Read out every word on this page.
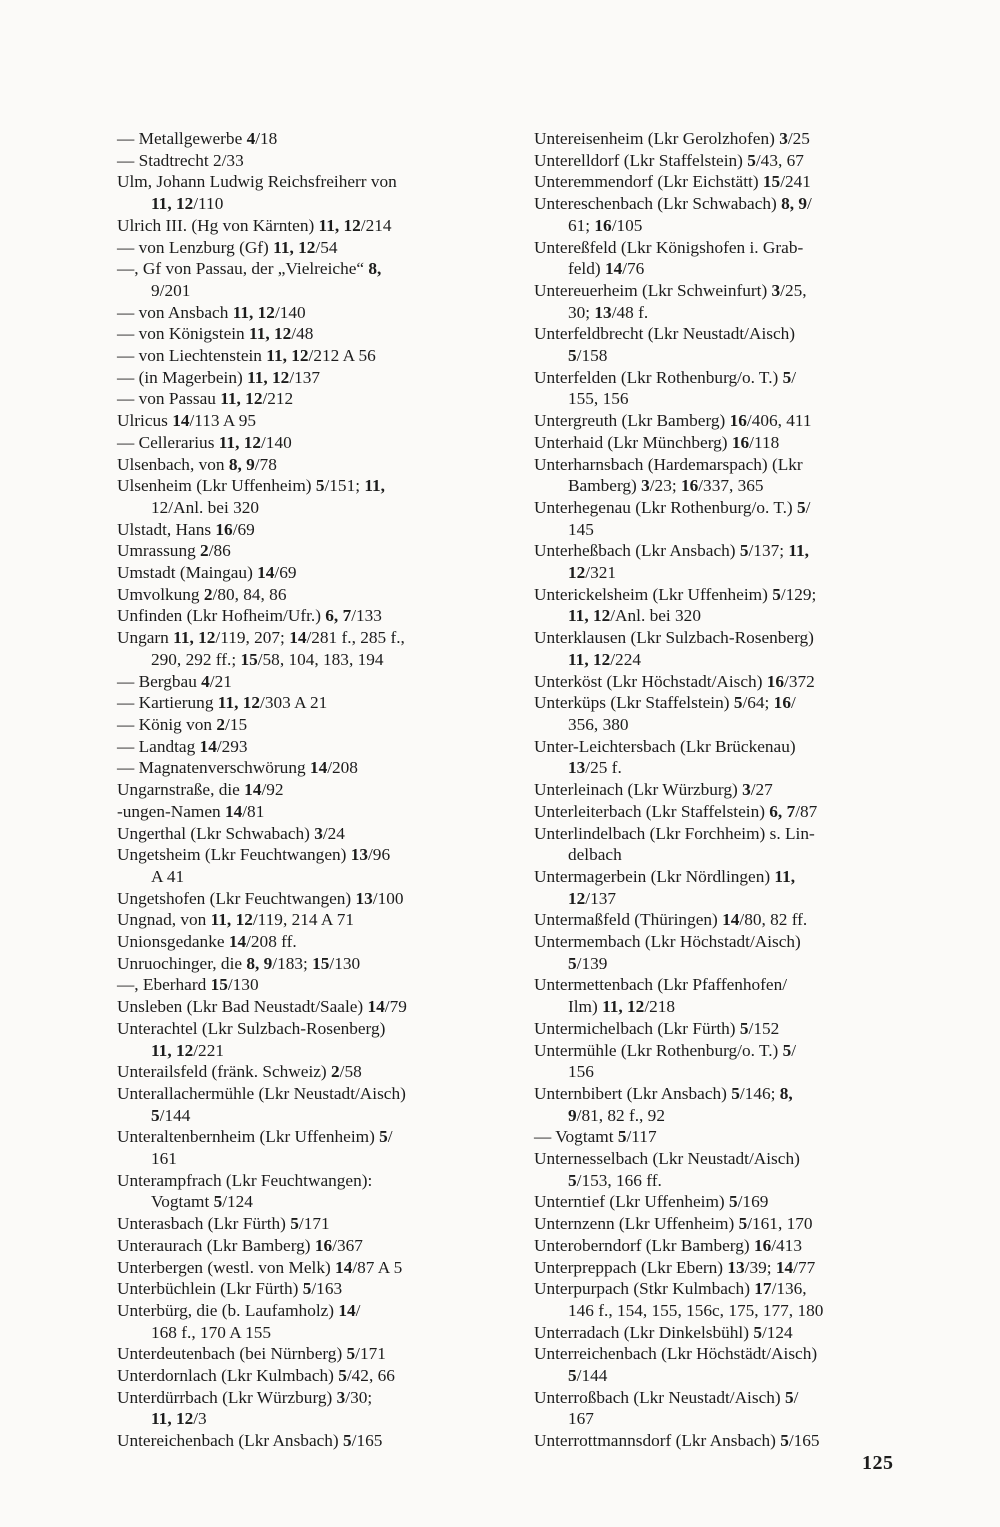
— Metallgewerbe 4/18
— Stadtrecht 2/33
Ulm, Johann Ludwig Reichsfreiherr von
11, 12/110
Ulrich III. (Hg von Kärnten) 11, 12/214
— von Lenzburg (Gf) 11, 12/54
—, Gf von Passau, der „Vielreiche“ 8,
9/201
— von Ansbach 11, 12/140
— von Königstein 11, 12/48
— von Liechtenstein 11, 12/212 A 56
— (in Magerbein) 11, 12/137
— von Passau 11, 12/212
Ulricus 14/113 A 95
— Cellerarius 11, 12/140
Ulsenbach, von 8, 9/78
Ulsenheim (Lkr Uffenheim) 5/151; 11,
12/Anl. bei 320
Ulstadt, Hans 16/69
Umrassung 2/86
Umstadt (Maingau) 14/69
Umvolkung 2/80, 84, 86
Unfinden (Lkr Hofheim/Ufr.) 6, 7/133
Ungarn 11, 12/119, 207; 14/281 f., 285 f.,
290, 292 ff.; 15/58, 104, 183, 194
— Bergbau 4/21
— Kartierung 11, 12/303 A 21
— König von 2/15
— Landtag 14/293
— Magnatenverschwörung 14/208
Ungarnstraße, die 14/92
-ungen-Namen 14/81
Ungerthal (Lkr Schwabach) 3/24
Ungetsheim (Lkr Feuchtwangen) 13/96
A 41
Ungetshofen (Lkr Feuchtwangen) 13/100
Ungnad, von 11, 12/119, 214 A 71
Unionsgedanke 14/208 ff.
Unruochinger, die 8, 9/183; 15/130
—, Eberhard 15/130
Unsleben (Lkr Bad Neustadt/Saale) 14/79
Unterachtel (Lkr Sulzbach-Rosenberg)
11, 12/221
Unterailsfeld (fränk. Schweiz) 2/58
Unterallachermühle (Lkr Neustadt/Aisch)
5/144
Unteraltenbernheim (Lkr Uffenheim) 5/
161
Unterampfrach (Lkr Feuchtwangen):
Vogtamt 5/124
Unterasbach (Lkr Fürth) 5/171
Unteraurach (Lkr Bamberg) 16/367
Unterbergen (westl. von Melk) 14/87 A 5
Unterbüchlein (Lkr Fürth) 5/163
Unterbürg, die (b. Laufamholz) 14/
168 f., 170 A 155
Unterdeutenbach (bei Nürnberg) 5/171
Unterdornlach (Lkr Kulmbach) 5/42, 66
Unterdürrbach (Lkr Würzburg) 3/30;
11, 12/3
Untereichenbach (Lkr Ansbach) 5/165
Untereisenheim (Lkr Gerolzhofen) 3/25
Unterelldorf (Lkr Staffelstein) 5/43, 67
Unteremmendorf (Lkr Eichstätt) 15/241
Untereschenbach (Lkr Schwabach) 8, 9/
61; 16/105
Untereßfeld (Lkr Königshofen i. Grab-
feld) 14/76
Untereuerheim (Lkr Schweinfurt) 3/25,
30; 13/48 f.
Unterfeldbrecht (Lkr Neustadt/Aisch)
5/158
Unterfelden (Lkr Rothenburg/o. T.) 5/
155, 156
Untergreuth (Lkr Bamberg) 16/406, 411
Unterhaid (Lkr Münchberg) 16/118
Unterharnsbach (Hardemarspach) (Lkr
Bamberg) 3/23; 16/337, 365
Unterhegenau (Lkr Rothenburg/o. T.) 5/
145
Unterheßbach (Lkr Ansbach) 5/137; 11,
12/321
Unterickelsheim (Lkr Uffenheim) 5/129;
11, 12/Anl. bei 320
Unterklausen (Lkr Sulzbach-Rosenberg)
11, 12/224
Unterköst (Lkr Höchstadt/Aisch) 16/372
Unterküps (Lkr Staffelstein) 5/64; 16/
356, 380
Unter-Leichtersbach (Lkr Brückenau)
13/25 f.
Unterleinach (Lkr Würzburg) 3/27
Unterleiterbach (Lkr Staffelstein) 6, 7/87
Unterlindelbach (Lkr Forchheim) s. Lin-
delbach
Untermagerbein (Lkr Nördlingen) 11,
12/137
Untermaßfeld (Thüringen) 14/80, 82 ff.
Untermembach (Lkr Höchstadt/Aisch)
5/139
Untermettenbach (Lkr Pfaffenhofen/
Ilm) 11, 12/218
Untermichelbach (Lkr Fürth) 5/152
Untermühle (Lkr Rothenburg/o. T.) 5/
156
Unternbibert (Lkr Ansbach) 5/146; 8,
9/81, 82 f., 92
— Vogtamt 5/117
Unternesselbach (Lkr Neustadt/Aisch)
5/153, 166 ff.
Unterntief (Lkr Uffenheim) 5/169
Unternzenn (Lkr Uffenheim) 5/161, 170
Unteroberndorf (Lkr Bamberg) 16/413
Unterpreppach (Lkr Ebern) 13/39; 14/77
Unterpurpach (Stkr Kulmbach) 17/136,
146 f., 154, 155, 156c, 175, 177, 180
Unterradach (Lkr Dinkelsbühl) 5/124
Unterreichenbach (Lkr Höchstädt/Aisch)
5/144
Unterroßbach (Lkr Neustadt/Aisch) 5/
167
Unterrottmannsdorf (Lkr Ansbach) 5/165
125
